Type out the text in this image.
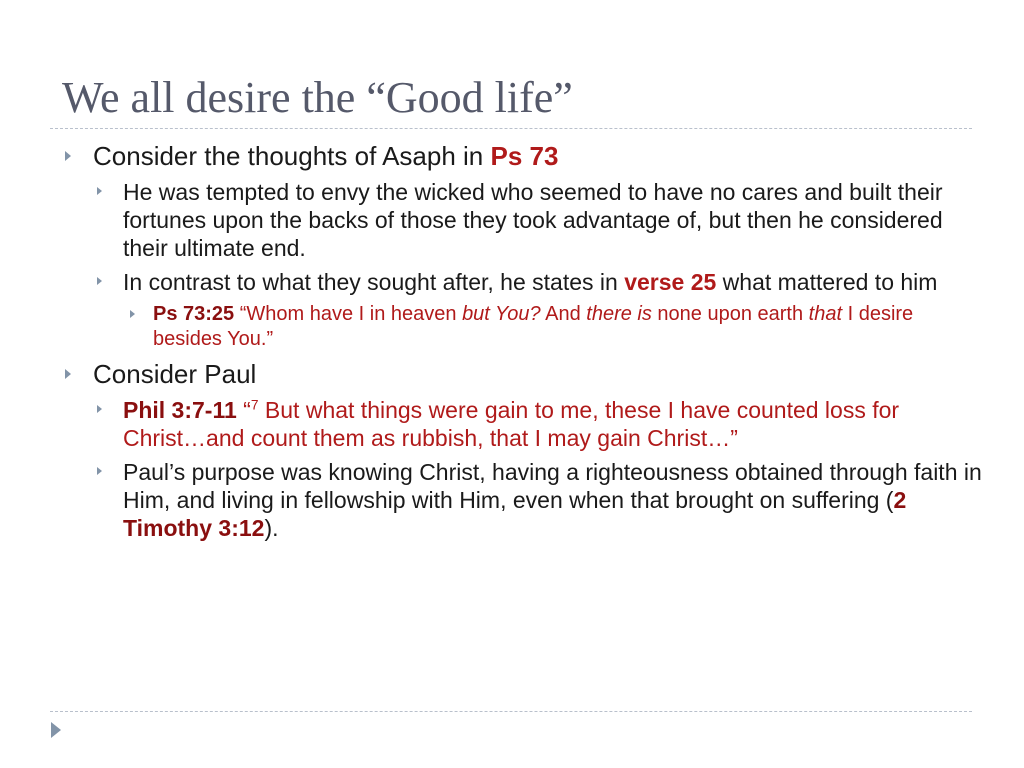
We all desire the “Good life”
Consider the thoughts of Asaph in Ps 73
He was tempted to envy the wicked who seemed to have no cares and built their fortunes upon the backs of those they took advantage of, but then he considered their ultimate end.
In contrast to what they sought after, he states in verse 25 what mattered to him
Ps 73:25 “Whom have I in heaven but You? And there is none upon earth that I desire besides You.”
Consider Paul
Phil 3:7-11 “$^7$ But what things were gain to me, these I have counted loss for Christ…and count them as rubbish, that I may gain Christ…”
Paul’s purpose was knowing Christ, having a righteousness obtained through faith in Him, and living in fellowship with Him, even when that brought on suffering (2 Timothy 3:12).
